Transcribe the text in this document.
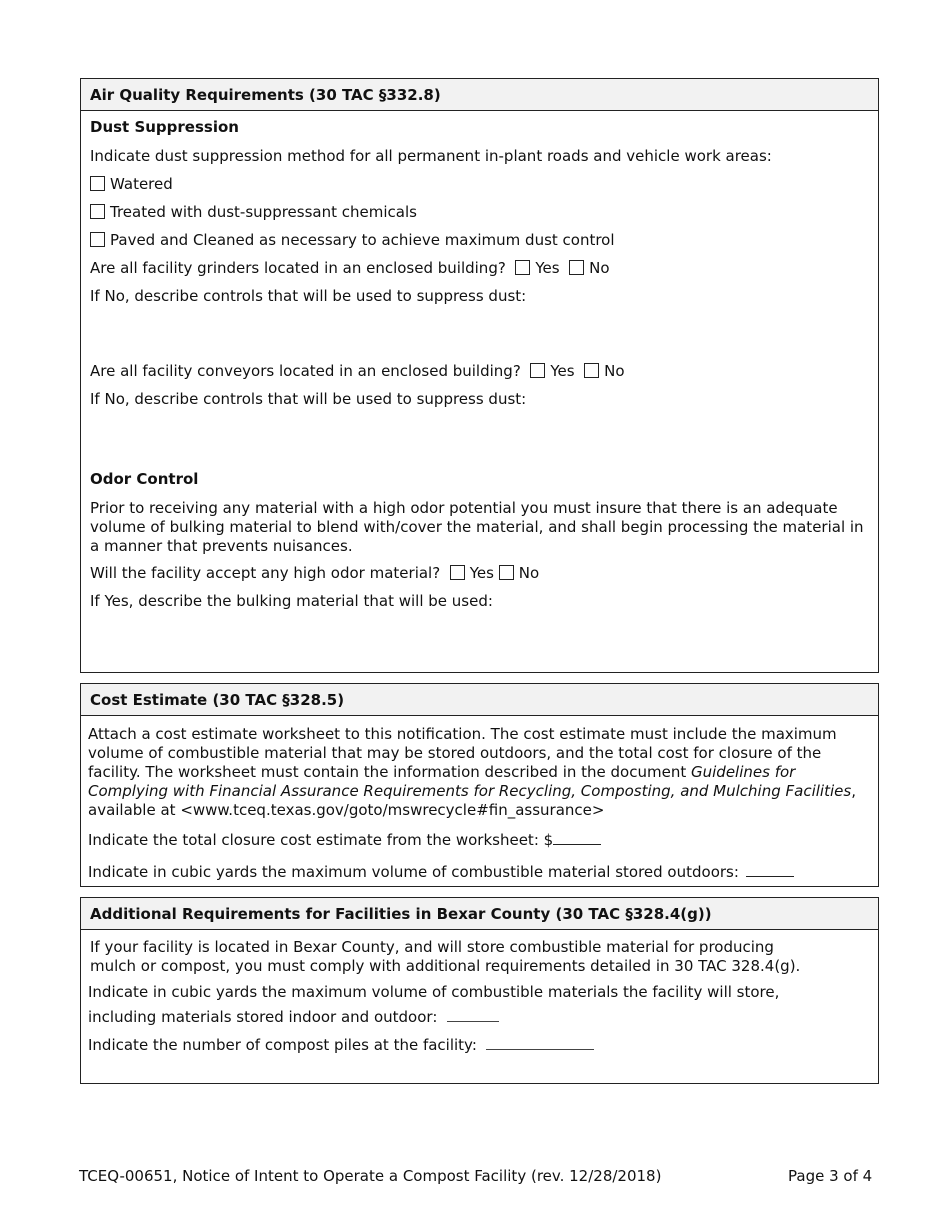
Air Quality Requirements (30 TAC §332.8)
Dust Suppression
Indicate dust suppression method for all permanent in-plant roads and vehicle work areas:
Watered
Treated with dust-suppressant chemicals
Paved and Cleaned as necessary to achieve maximum dust control
Are all facility grinders located in an enclosed building? Yes No
If No, describe controls that will be used to suppress dust:
Are all facility conveyors located in an enclosed building? Yes No
If No, describe controls that will be used to suppress dust:
Odor Control
Prior to receiving any material with a high odor potential you must insure that there is an adequate volume of bulking material to blend with/cover the material, and shall begin processing the material in a manner that prevents nuisances.
Will the facility accept any high odor material? Yes No
If Yes, describe the bulking material that will be used:
Cost Estimate (30 TAC §328.5)
Attach a cost estimate worksheet to this notification. The cost estimate must include the maximum volume of combustible material that may be stored outdoors, and the total cost for closure of the facility. The worksheet must contain the information described in the document Guidelines for Complying with Financial Assurance Requirements for Recycling, Composting, and Mulching Facilities, available at <www.tceq.texas.gov/goto/mswrecycle#fin_assurance>
Indicate the total closure cost estimate from the worksheet: $
Indicate in cubic yards the maximum volume of combustible material stored outdoors:
Additional Requirements for Facilities in Bexar County (30 TAC §328.4(g))
If your facility is located in Bexar County, and will store combustible material for producing
mulch or compost, you must comply with additional requirements detailed in 30 TAC 328.4(g).
Indicate in cubic yards the maximum volume of combustible materials the facility will store,
including materials stored indoor and outdoor:
Indicate the number of compost piles at the facility:
TCEQ-00651, Notice of Intent to Operate a Compost Facility (rev. 12/28/2018)	Page 3 of 4
